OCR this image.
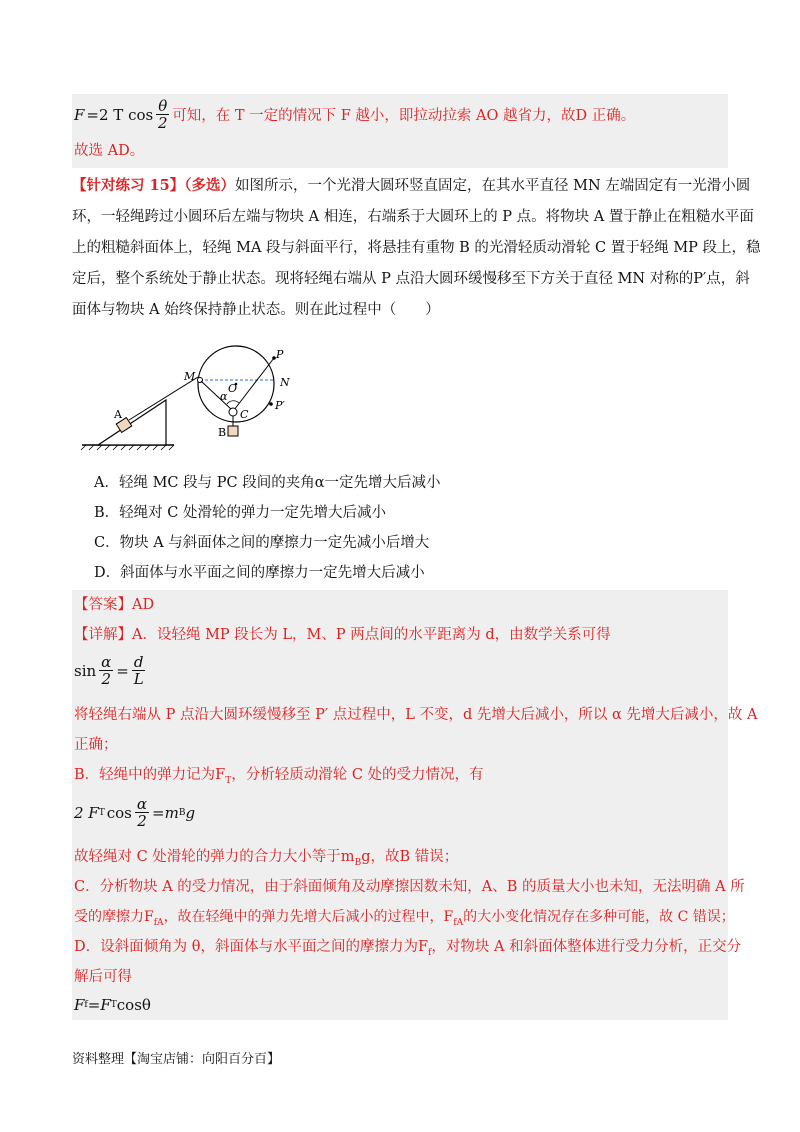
F =2 T $\cos \frac{\theta}{2}$ 可知，在 T 一定的情况下 F 越小，即拉动拉索 AO 越省力，故D 正确。
故选 AD。
【针对练习 15】（多选）如图所示，一个光滑大圆环竖直固定，在其水平直径 MN 左端固定有一光滑小圆
环，一轻绳跨过小圆环后左端与物块 A 相连，右端系于大圆环上的 P 点。将物块 A 置于静止在粗糙水平面
上的粗糙斜面体上，轻绳 MA 段与斜面平行，将悬挂有重物 B 的光滑轻质动滑轮 C 置于轻绳 MP 段上，稳
定后，整个系统处于静止状态。现将轻绳右端从 P 点沿大圆环缓慢移至下方关于直径 MN 对称的P′点，斜
面体与物块 A 始终保持静止状态。则在此过程中（　　）
A
M
O	N
P
P′
α
C
B
A．轻绳 MC 段与 PC 段间的夹角α一定先增大后减小
B．轻绳对 C 处滑轮的弹力一定先增大后减小
C．物块 A 与斜面体之间的摩擦力一定先减小后增大
D．斜面体与水平面之间的摩擦力一定先增大后减小
【答案】AD
【详解】A．设轻绳 MP 段长为 L，M、P 两点间的水平距离为 d，由数学关系可得
$\sin \frac{\alpha}{2} = \frac{d}{L}$
将轻绳右端从 P 点沿大圆环缓慢移至 P′ 点过程中，L 不变，d 先增大后减小，所以 α 先增大后减小，故 A
正确；
B．轻绳中的弹力记为$F_T$，分析轻质动滑轮 C 处的受力情况，有
2 F T $\cos \frac{\alpha}{2} =m$ B g
故轻绳对 C 处滑轮的弹力的合力大小等于$m_Bg$，故B 错误；
C．分析物块 A 的受力情况，由于斜面倾角及动摩擦因数未知，A、B 的质量大小也未知，无法明确 A 所
受的摩擦力$F_{fA}$，故在轻绳中的弹力先增大后减小的过程中，$F_{fA}$的大小变化情况存在多种可能，故 C 错误；
D．设斜面倾角为 θ，斜面体与水平面之间的摩擦力为$F_f$，对物块 A 和斜面体整体进行受力分析，正交分
解后可得
F f =F T cosθ
资料整理【淘宝店铺：向阳百分百】
